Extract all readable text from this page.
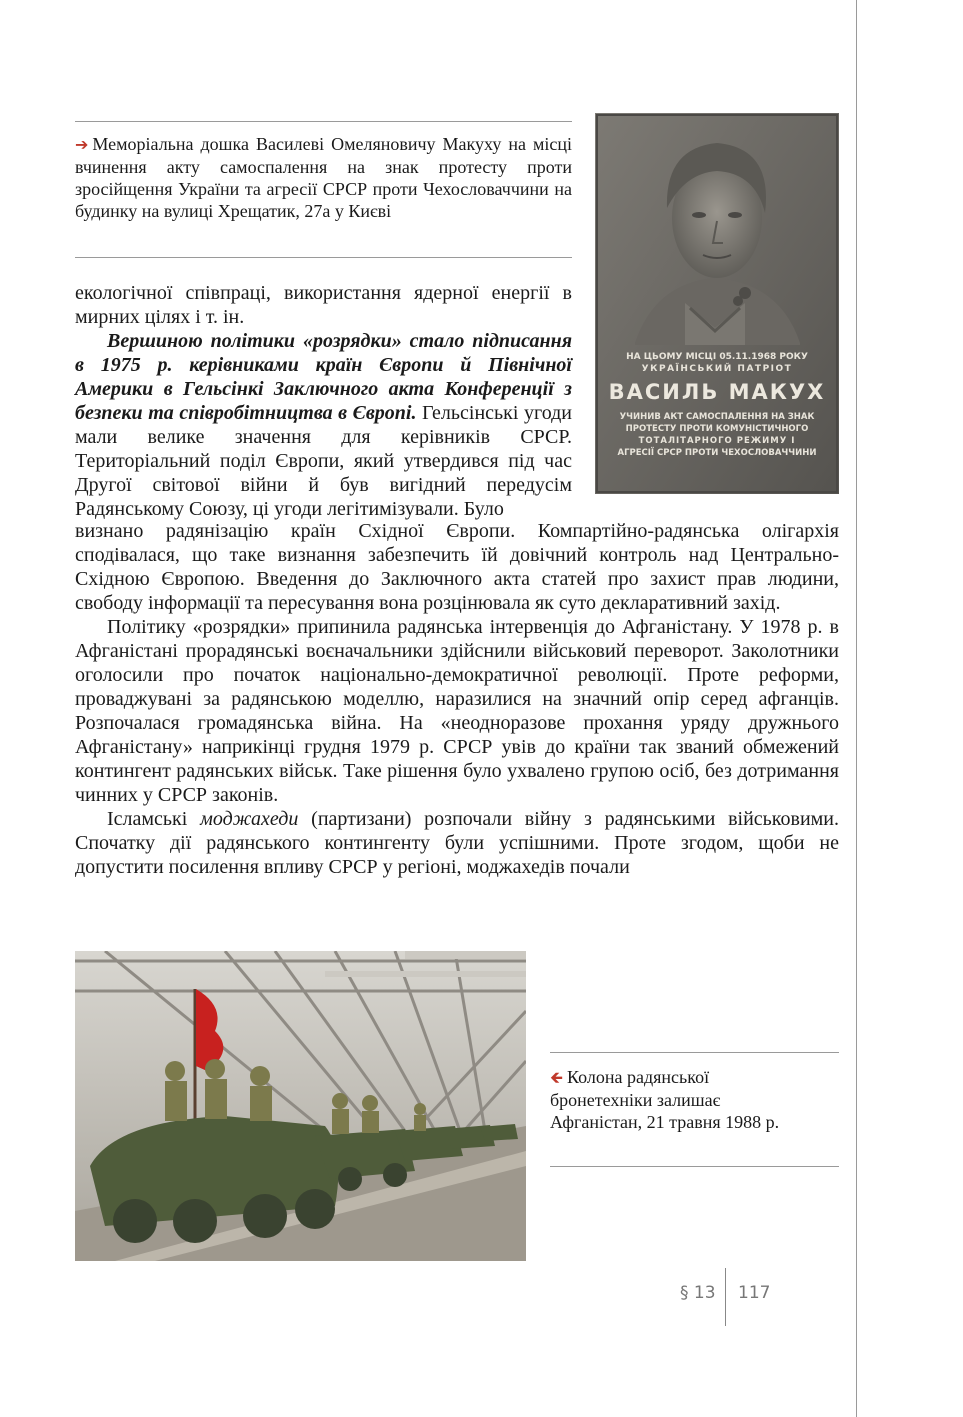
➔ Меморіальна дошка Василеві Омеляновичу Макуху на місці вчинення акту самоспалення на знак протесту проти зросійщення України та агресії СРСР проти Чехословаччини на будинку на вулиці Хрещатик, 27а у Києві
НА ЦЬОМУ МІСЦІ 05.11.1968 РОКУ
УКРАЇНСЬКИЙ ПАТРІОТ
ВАСИЛЬ МАКУХ
УЧИНИВ АКТ САМОСПАЛЕННЯ НА ЗНАК
ПРОТЕСТУ ПРОТИ КОМУНІСТИЧНОГО
ТОТАЛІТАРНОГО РЕЖИМУ І
АГРЕСІЇ СРСР ПРОТИ ЧЕХОСЛОВАЧЧИНИ

екологічної співпраці, використання ядерної енергії в мирних цілях і т. ін.

Вершиною політики «розрядки» стало підписання в 1975 р. керівниками країн Європи й Північної Америки в Гельсінкі Заключного акта Конференції з безпеки та співробітництва в Європі. Гельсінські угоди мали велике значення для керівників СРСР. Територіальний поділ Європи, який утвердився під час Другої світової війни й був вигідний передусім Радянському Союзу, ці угоди легітимізували. Було

визнано радянізацію країн Східної Європи. Компартійно-радянська олігархія сподівалася, що таке визнання забезпечить їй довічний контроль над Центрально-Східною Європою. Введення до Заключного акта статей про захист прав людини, свободу інформації та пересування вона розцінювала як суто декларативний захід.

Політику «розрядки» припинила радянська інтервенція до Афганістану. У 1978 р. в Афганістані прорадянські воєначальники здійснили військовий переворот. Заколотники оголосили про початок національно-демократичної революції. Проте реформи, проваджувані за радянською моделлю, наразилися на значний опір серед афганців. Розпочалася громадянська війна. На «неодноразове прохання уряду дружнього Афганістану» наприкінці грудня 1979 р. СРСР увів до країни так званий обмежений контингент радянських військ. Таке рішення було ухвалено групою осіб, без дотримання чинних у СРСР законів.

Ісламські моджахеди (партизани) розпочали війну з радянськими військовими. Спочатку дії радянського контингенту були успішними. Проте згодом, щоби не допустити посилення впливу СРСР у регіоні, моджахедів почали

🡸 Колона радянської бронетехніки залишає Афганістан, 21 травня 1988 р.
§ 13 117
